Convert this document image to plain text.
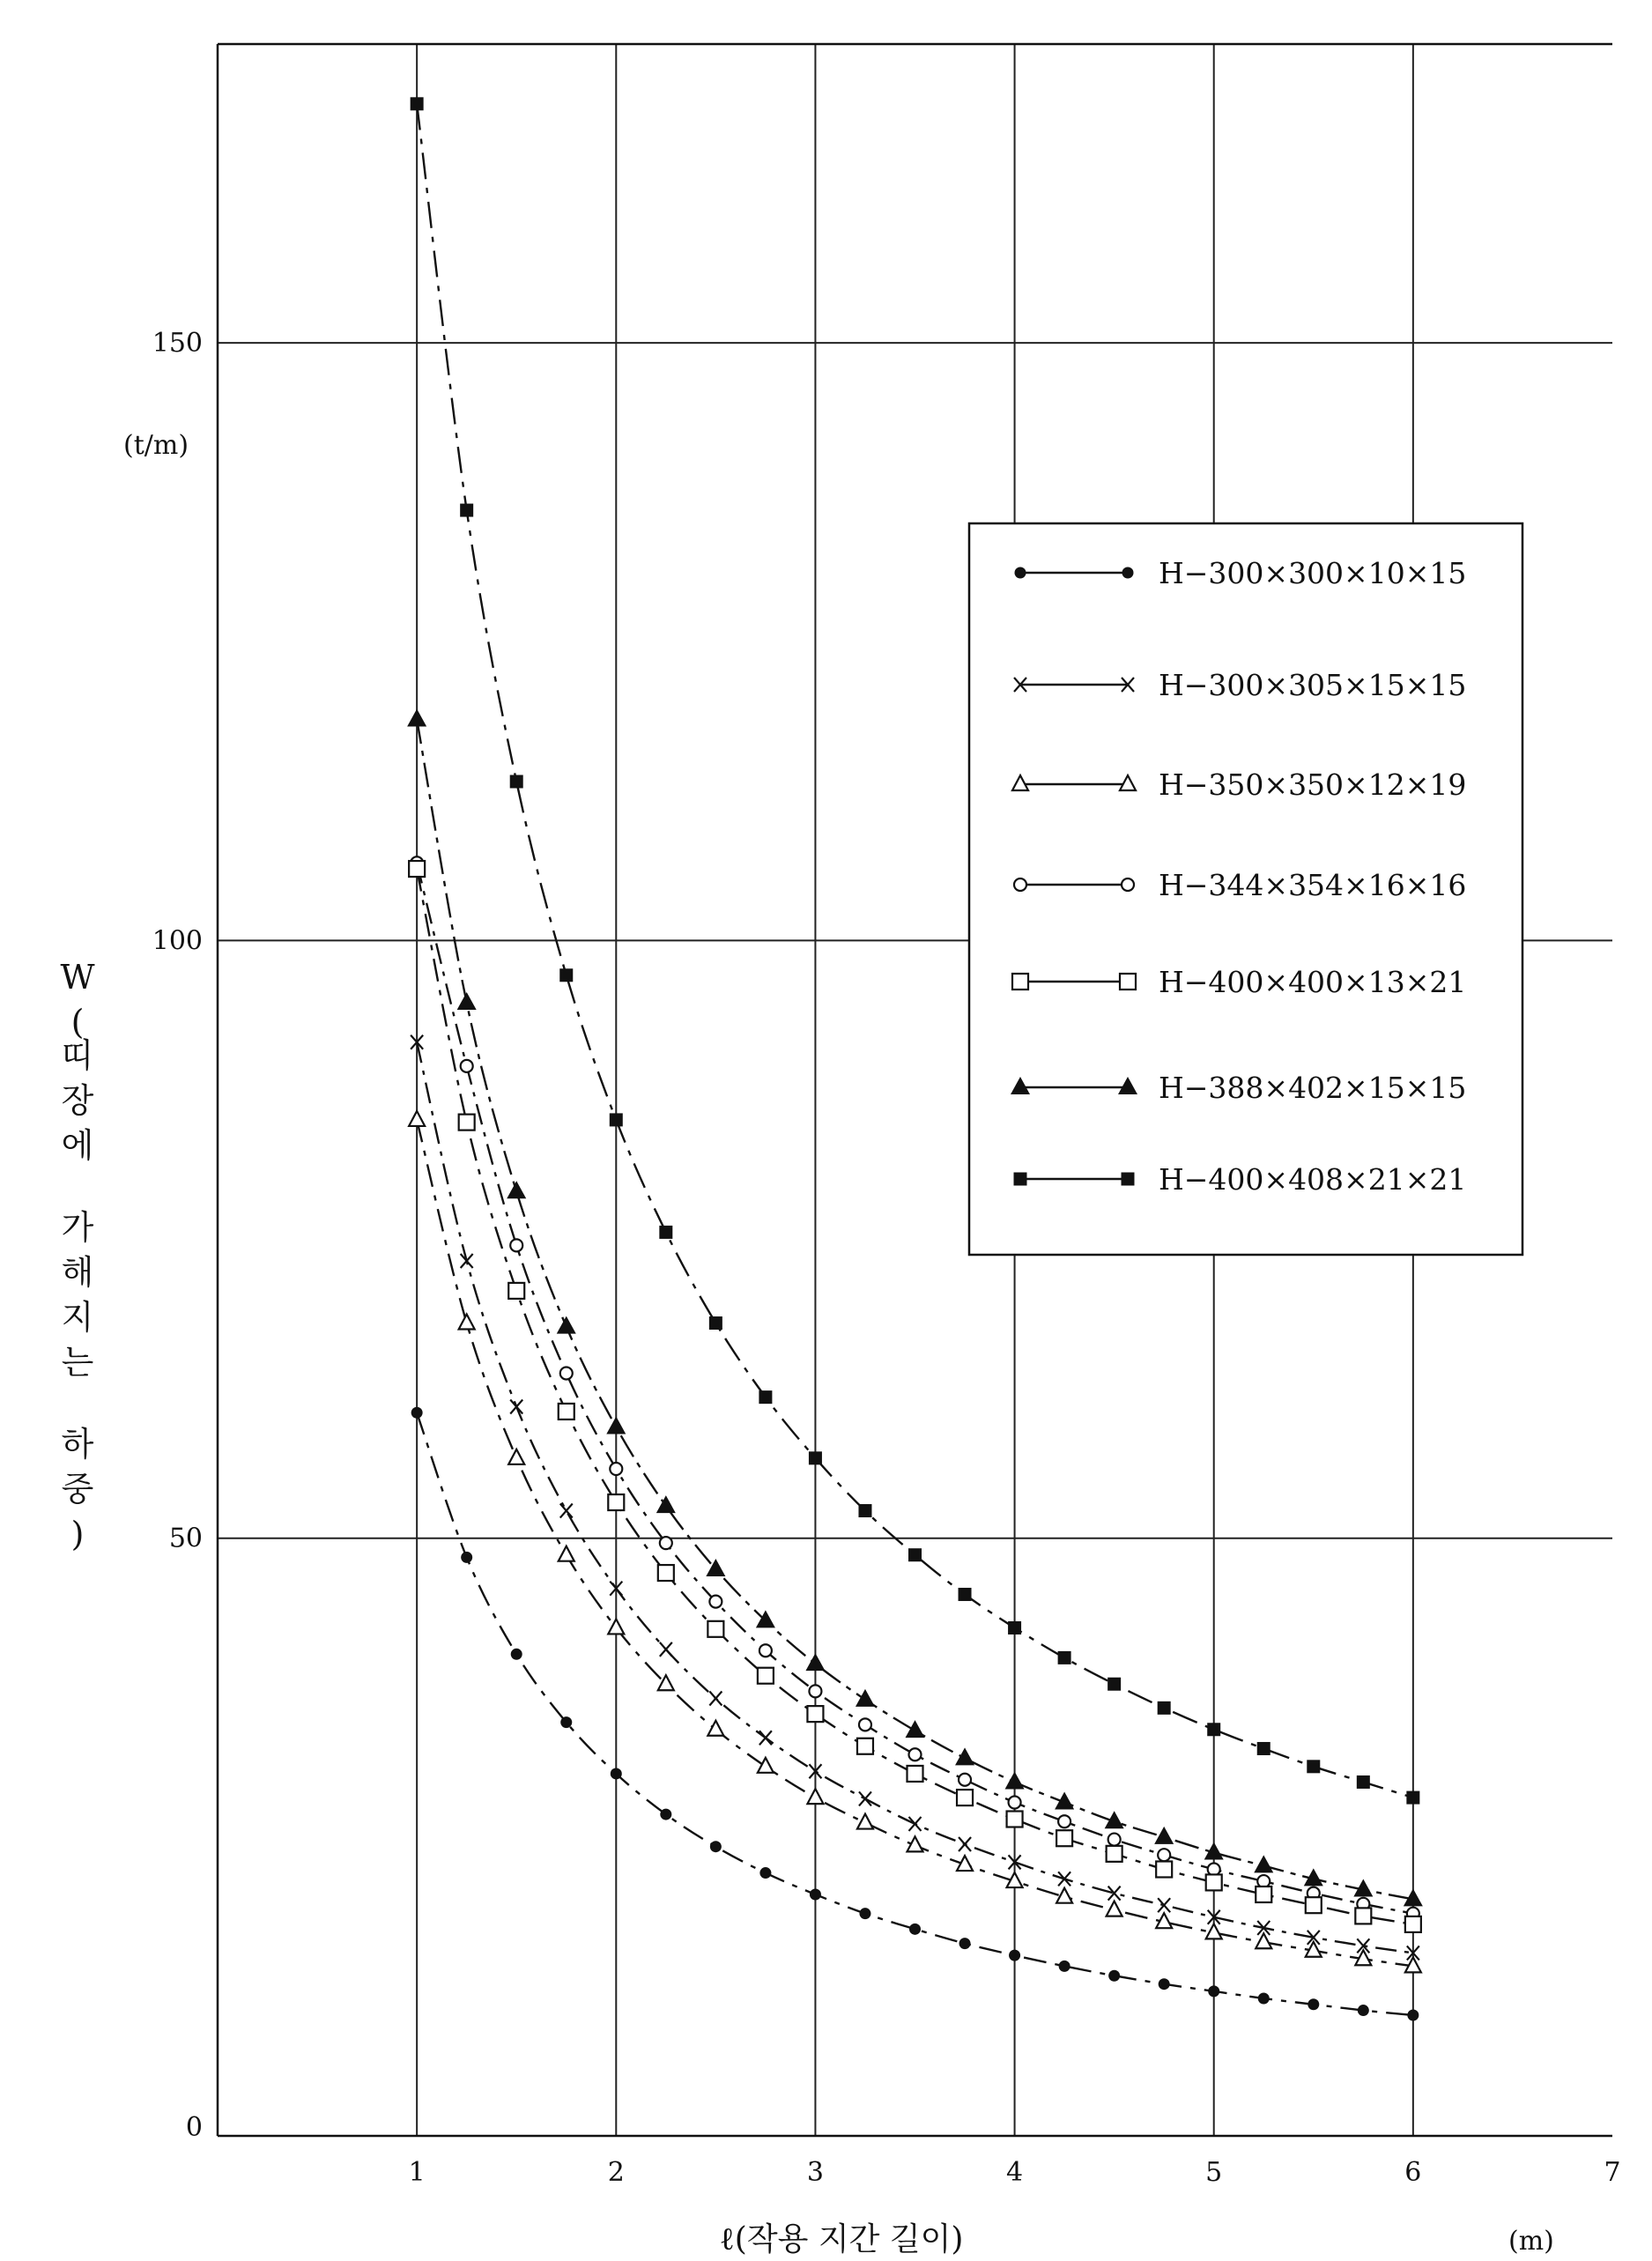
1	2	3	4	5	6	7
0
50
100
150
(t/m)
(m)
ℓ(작용 지간 길이)
W ( 띠 장 에 가 해 지 는 하 중 )
H−300×300×10×15
H−300×305×15×15
H−350×350×12×19
H−344×354×16×16
H−400×400×13×21
H−388×402×15×15
H−400×408×21×21
